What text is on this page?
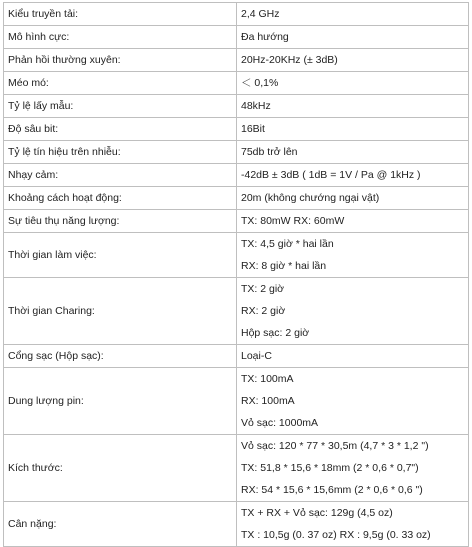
Kiểu truyền tải:	2,4 GHz

Mô hình cực:	Đa hướng

Phản hồi thường xuyên:	20Hz-20KHz (± 3dB)

Méo mó:	＜ 0,1%

Tỷ lệ lấy mẫu:	48kHz

Độ sâu bit:	16Bit

Tỷ lệ tín hiệu trên nhiễu:	75db trở lên

Nhạy cảm:	-42dB ± 3dB ( 1dB = 1V / Pa @ 1kHz )

Khoảng cách hoạt động:	20m (không chướng ngại vật)

Sự tiêu thụ năng lượng:	TX: 80mW RX: 60mW

Thời gian làm việc:	TX: 4,5 giờ * hai lần
RX: 8 giờ * hai lần

Thời gian Charing:	TX: 2 giờ
RX: 2 giờ
Hộp sạc: 2 giờ

Cổng sạc (Hộp sạc):	Loại-C

Dung lượng pin:	TX: 100mA
RX: 100mA
Vỏ sạc: 1000mA

Kích thước:	Vỏ sạc: 120 * 77 * 30,5m (4,7 * 3 * 1,2 ")
TX: 51,8 * 15,6 * 18mm (2 * 0,6 * 0,7")
RX: 54 * 15,6 * 15,6mm (2 * 0,6 * 0,6 ")

Cân nặng:	TX + RX + Vỏ sạc: 129g (4,5 oz)
TX : 10,5g (0. 37 oz) RX : 9,5g (0. 33 oz)
